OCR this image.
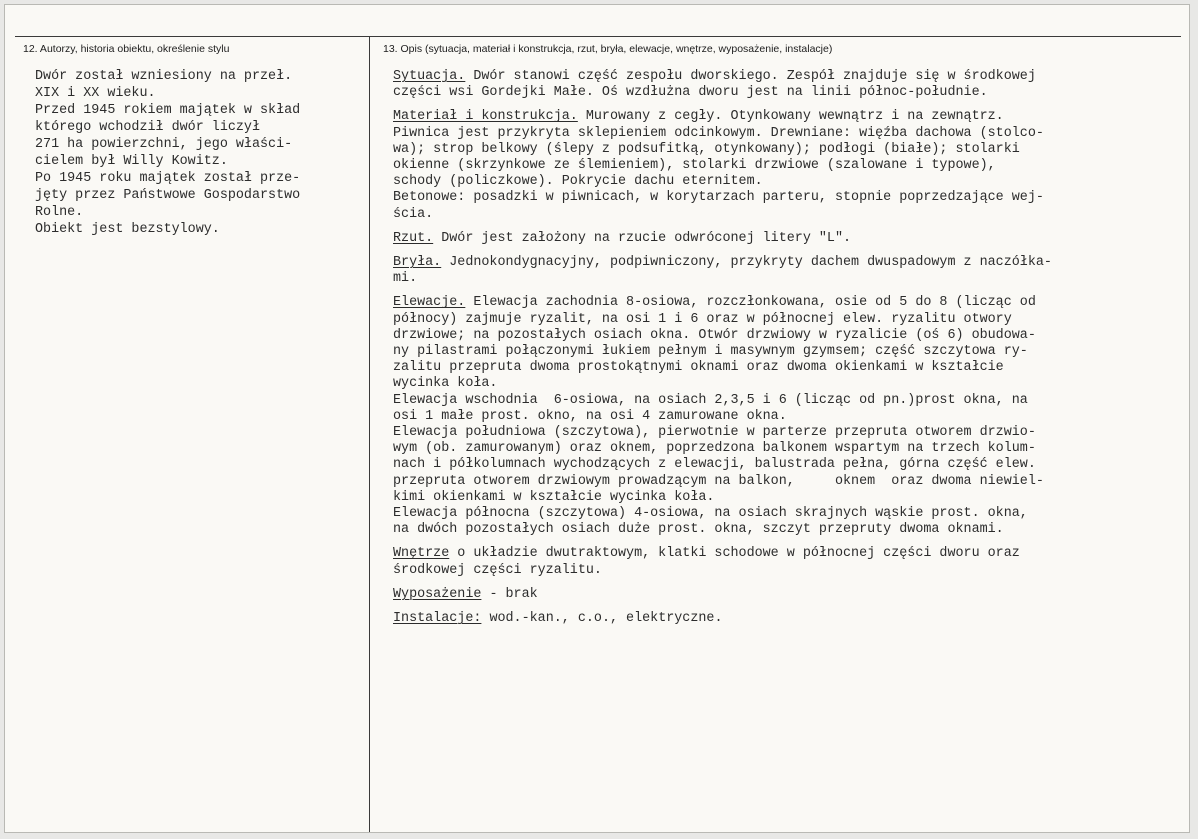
12. Autorzy, historia obiektu, określenie stylu	13. Opis (sytuacja, materiał i konstrukcja, rzut, bryła, elewacje, wnętrze, wyposażenie, instalacje)
Dwór został wzniesiony na przeł.
XIX i XX wieku.
Przed 1945 rokiem majątek w skład
którego wchodził dwór liczył
271 ha powierzchni, jego właści-
cielem był Willy Kowitz.
Po 1945 roku majątek został prze-
jęty przez Państwowe Gospodarstwo
Rolne.
Obiekt jest bezstylowy.

Sytuacja. Dwór stanowi część zespołu dworskiego. Zespół znajduje się w środkowej
części wsi Gordejki Małe. Oś wzdłużna dworu jest na linii północ-południe.

Materiał i konstrukcja. Murowany z cegły. Otynkowany wewnątrz i na zewnątrz.
Piwnica jest przykryta sklepieniem odcinkowym. Drewniane: więźba dachowa (stolco-
wa); strop belkowy (ślepy z podsufitką, otynkowany); podłogi (białe); stolarki
okienne (skrzynkowe ze ślemieniem), stolarki drzwiowe (szalowane i typowe),
schody (policzkowe). Pokrycie dachu eternitem.
Betonowe: posadzki w piwnicach, w korytarzach parteru, stopnie poprzedzające wej-
ścia.

Rzut. Dwór jest założony na rzucie odwróconej litery "L".

Bryła. Jednokondygnacyjny, podpiwniczony, przykryty dachem dwuspadowym z naczółka-
mi.

Elewacje. Elewacja zachodnia 8-osiowa, rozczłonkowana, osie od 5 do 8 (licząc od
północy) zajmuje ryzalit, na osi 1 i 6 oraz w północnej elew. ryzalitu otwory
drzwiowe; na pozostałych osiach okna. Otwór drzwiowy w ryzalicie (oś 6) obudowa-
ny pilastrami połączonymi łukiem pełnym i masywnym gzymsem; część szczytowa ry-
zalitu przepruta dwoma prostokątnymi oknami oraz dwoma okienkami w kształcie
wycinka koła.
Elewacja wschodnia  6-osiowa, na osiach 2,3,5 i 6 (licząc od pn.)prost okna, na
osi 1 małe prost. okno, na osi 4 zamurowane okna.
Elewacja południowa (szczytowa), pierwotnie w parterze przepruta otworem drzwio-
wym (ob. zamurowanym) oraz oknem, poprzedzona balkonem wspartym na trzech kolum-
nach i półkolumnach wychodzących z elewacji, balustrada pełna, górna część elew.
przepruta otworem drzwiowym prowadzącym na balkon,     oknem  oraz dwoma niewiel-
kimi okienkami w kształcie wycinka koła.
Elewacja północna (szczytowa) 4-osiowa, na osiach skrajnych wąskie prost. okna,
na dwóch pozostałych osiach duże prost. okna, szczyt przepruty dwoma oknami.

Wnętrze o układzie dwutraktowym, klatki schodowe w północnej części dworu oraz
środkowej części ryzalitu.

Wyposażenie - brak

Instalacje: wod.-kan., c.o., elektryczne.
